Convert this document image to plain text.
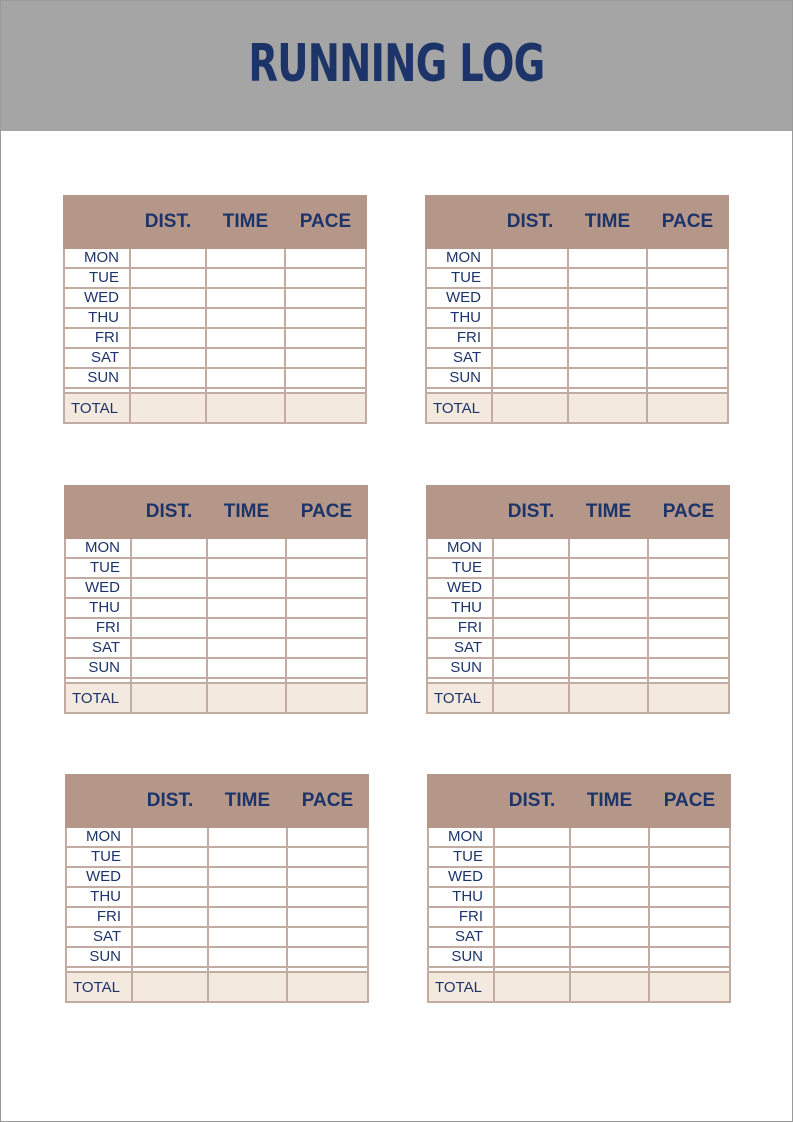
RUNNING LOG
	DIST.	TIME	PACE
MON			
TUE			
WED			
THU			
FRI			
SAT			
SUN			

TOTAL			
	DIST.	TIME	PACE
MON			
TUE			
WED			
THU			
FRI			
SAT			
SUN			

TOTAL			
	DIST.	TIME	PACE
MON			
TUE			
WED			
THU			
FRI			
SAT			
SUN			

TOTAL			
	DIST.	TIME	PACE
MON			
TUE			
WED			
THU			
FRI			
SAT			
SUN			

TOTAL			
	DIST.	TIME	PACE
MON			
TUE			
WED			
THU			
FRI			
SAT			
SUN			

TOTAL			
	DIST.	TIME	PACE
MON			
TUE			
WED			
THU			
FRI			
SAT			
SUN			

TOTAL			
